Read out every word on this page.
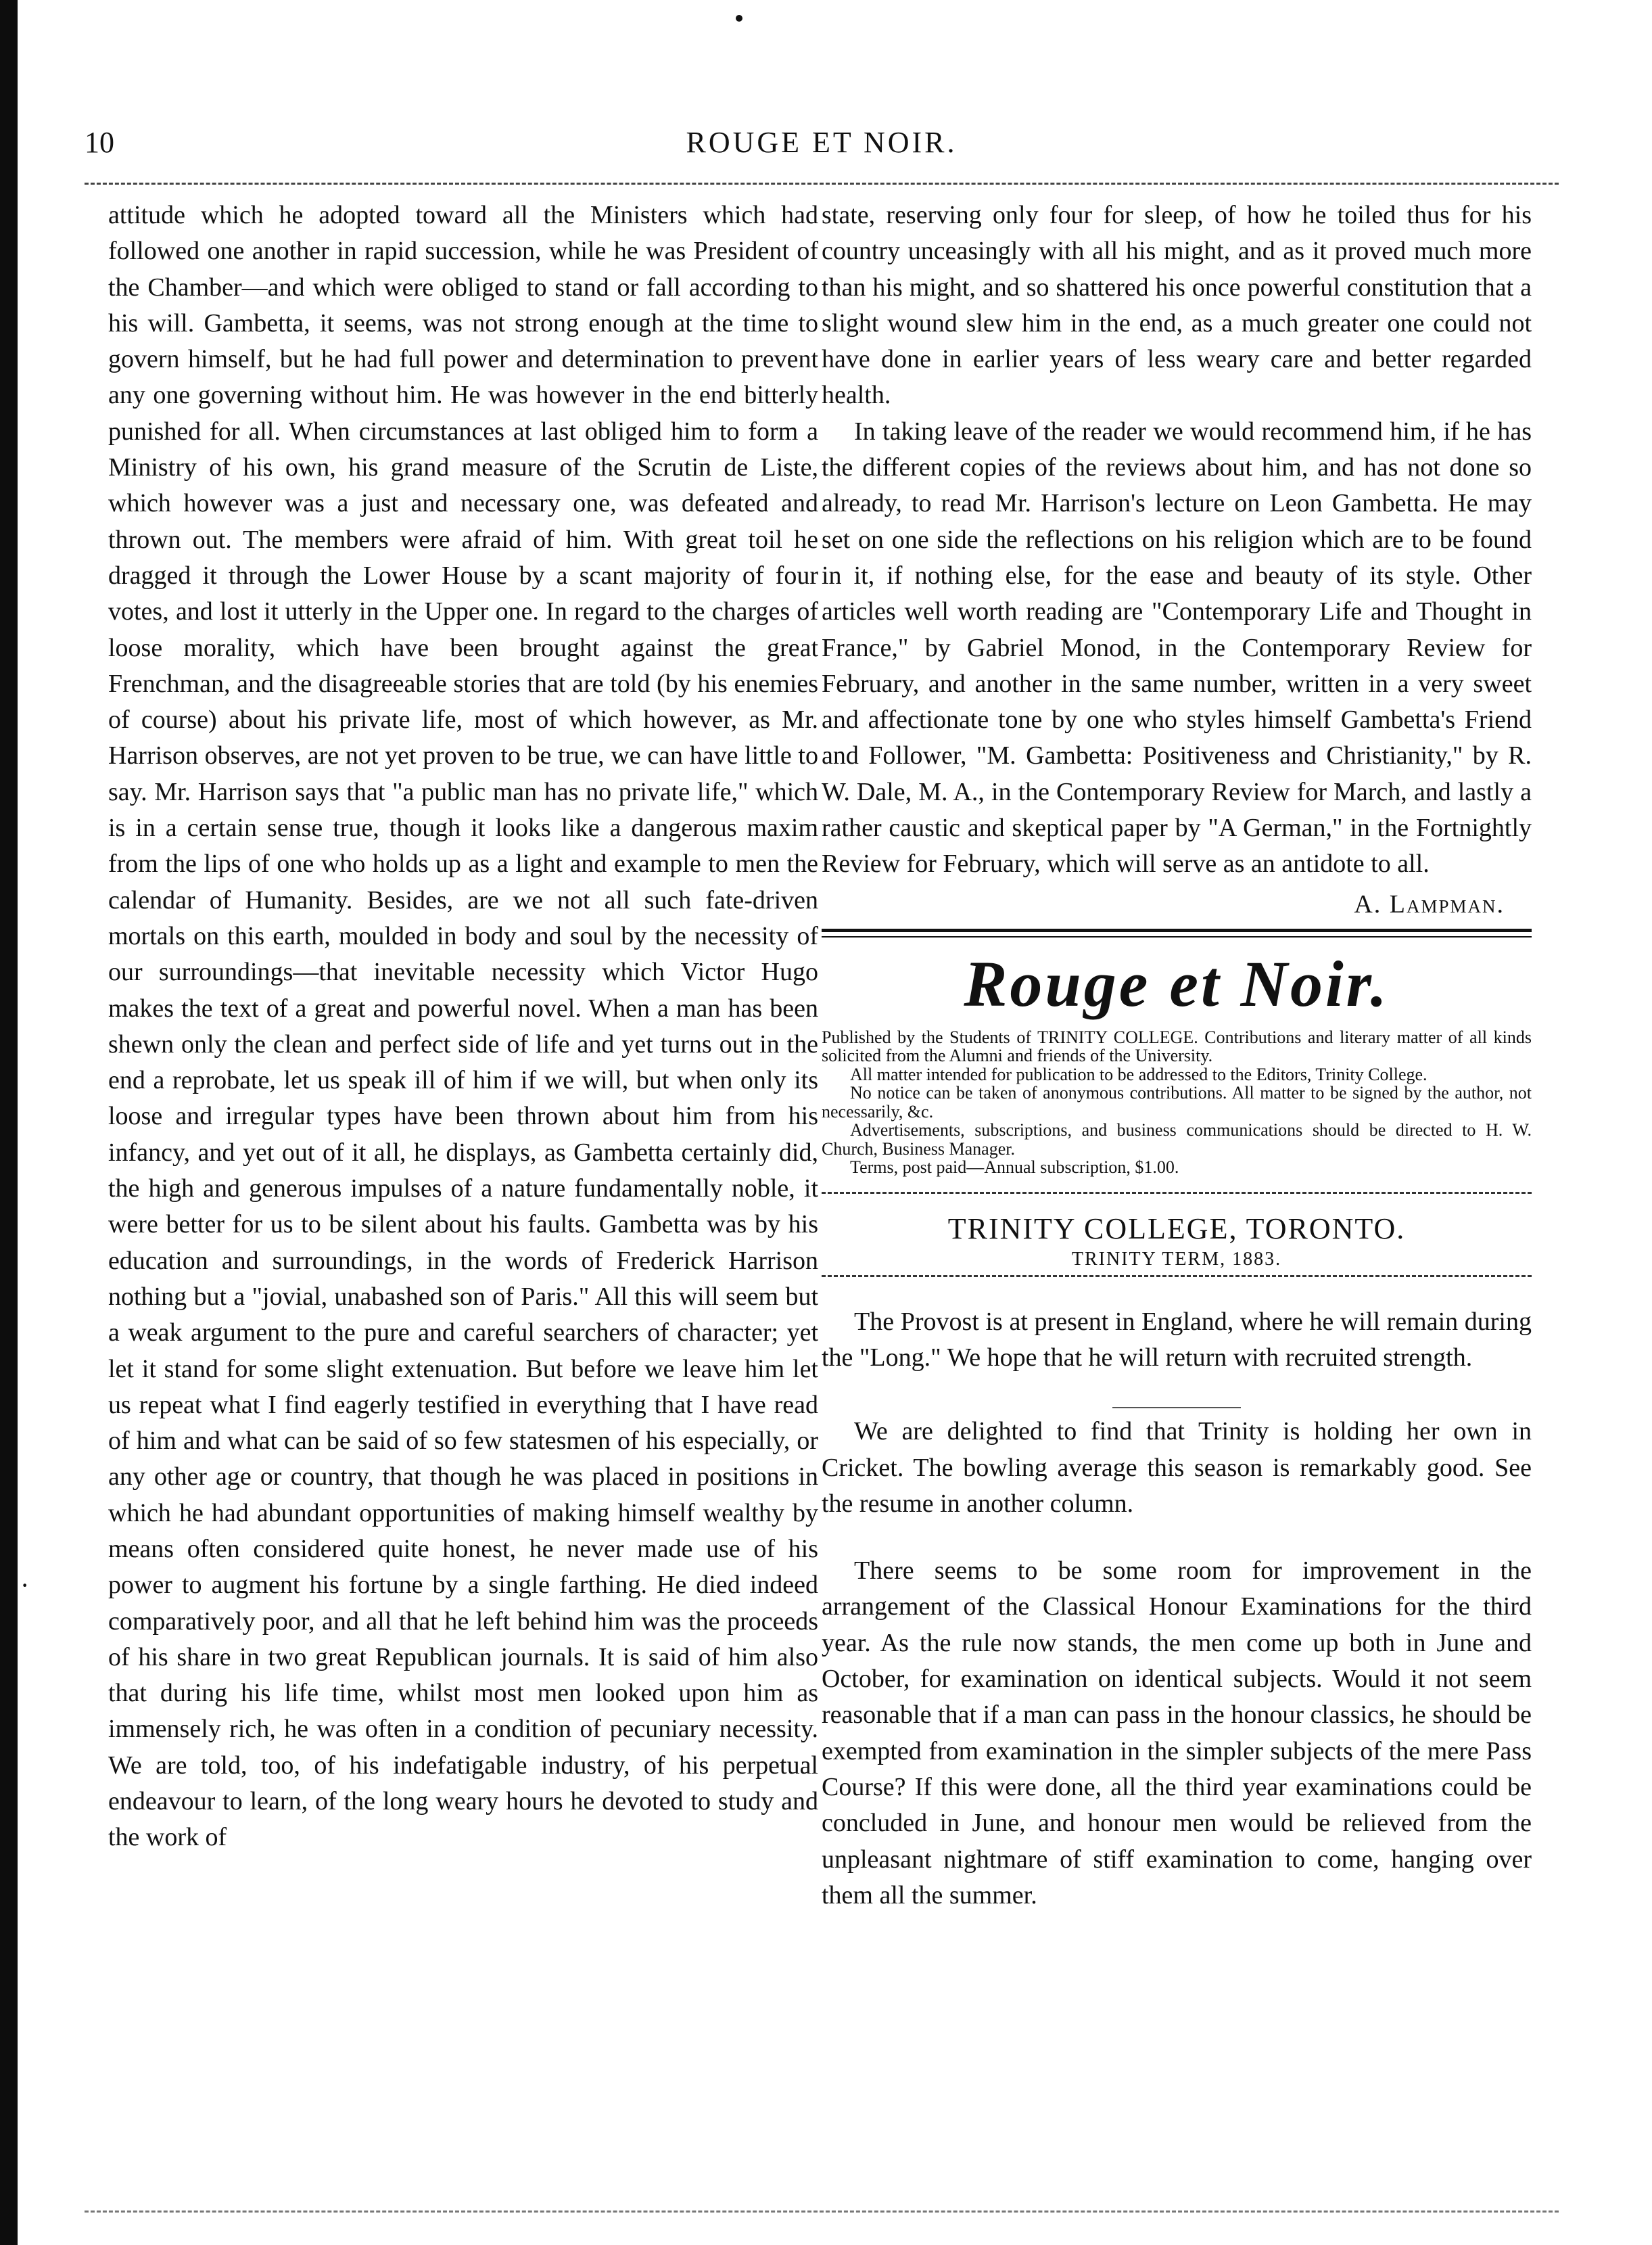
·
10	ROUGE ET NOIR.

attitude which he adopted toward all the Ministers which had followed one another in rapid succession, while he was President of the Chamber—and which were obliged to stand or fall according to his will. Gambetta, it seems, was not strong enough at the time to govern himself, but he had full power and determination to prevent any one governing without him. He was however in the end bitterly punished for all. When circumstances at last obliged him to form a Ministry of his own, his grand measure of the Scrutin de Liste, which however was a just and necessary one, was defeated and thrown out. The members were afraid of him. With great toil he dragged it through the Lower House by a scant majority of four votes, and lost it utterly in the Upper one. In regard to the charges of loose morality, which have been brought against the great Frenchman, and the disagreeable stories that are told (by his enemies of course) about his private life, most of which however, as Mr. Harrison observes, are not yet proven to be true, we can have little to say. Mr. Harrison says that "a public man has no private life," which is in a certain sense true, though it looks like a dangerous maxim from the lips of one who holds up as a light and example to men the calendar of Humanity. Besides, are we not all such fate-driven mortals on this earth, moulded in body and soul by the necessity of our surroundings—that inevitable necessity which Victor Hugo makes the text of a great and powerful novel. When a man has been shewn only the clean and perfect side of life and yet turns out in the end a reprobate, let us speak ill of him if we will, but when only its loose and irregular types have been thrown about him from his infancy, and yet out of it all, he displays, as Gambetta certainly did, the high and generous impulses of a nature fundamentally noble, it were better for us to be silent about his faults. Gambetta was by his education and surroundings, in the words of Frederick Harrison nothing but a "jovial, unabashed son of Paris." All this will seem but a weak argument to the pure and careful searchers of character; yet let it stand for some slight extenuation. But before we leave him let us repeat what I find eagerly testified in everything that I have read of him and what can be said of so few statesmen of his especially, or any other age or country, that though he was placed in positions in which he had abundant opportunities of making himself wealthy by means often considered quite honest, he never made use of his power to augment his fortune by a single farthing. He died indeed comparatively poor, and all that he left behind him was the proceeds of his share in two great Republican journals. It is said of him also that during his life time, whilst most men looked upon him as immensely rich, he was often in a condition of pecuniary necessity. We are told, too, of his indefatigable industry, of his perpetual endeavour to learn, of the long weary hours he devoted to study and the work of

state, reserving only four for sleep, of how he toiled thus for his country unceasingly with all his might, and as it proved much more than his might, and so shattered his once powerful constitution that a slight wound slew him in the end, as a much greater one could not have done in earlier years of less weary care and better regarded health.

In taking leave of the reader we would recommend him, if he has the different copies of the reviews about him, and has not done so already, to read Mr. Harrison's lecture on Leon Gambetta. He may set on one side the reflections on his religion which are to be found in it, if nothing else, for the ease and beauty of its style. Other articles well worth reading are "Contemporary Life and Thought in France," by Gabriel Monod, in the Contemporary Review for February, and another in the same number, written in a very sweet and affectionate tone by one who styles himself Gambetta's Friend and Follower, "M. Gambetta: Positiveness and Christianity," by R. W. Dale, M. A., in the Contemporary Review for March, and lastly a rather caustic and skeptical paper by "A German," in the Fortnightly Review for February, which will serve as an antidote to all.

A. Lampman.

Rouge et Noir.

Published by the Students of TRINITY COLLEGE. Contributions and literary matter of all kinds solicited from the Alumni and friends of the University.

All matter intended for publication to be addressed to the Editors, Trinity College.

No notice can be taken of anonymous contributions. All matter to be signed by the author, not necessarily, &c.

Advertisements, subscriptions, and business communications should be directed to H. W. Church, Business Manager.

Terms, post paid—Annual subscription, $1.00.

TRINITY COLLEGE, TORONTO.
TRINITY TERM, 1883.

The Provost is at present in England, where he will remain during the "Long." We hope that he will return with recruited strength.

We are delighted to find that Trinity is holding her own in Cricket. The bowling average this season is remarkably good. See the resume in another column.

There seems to be some room for improvement in the arrangement of the Classical Honour Examinations for the third year. As the rule now stands, the men come up both in June and October, for examination on identical subjects. Would it not seem reasonable that if a man can pass in the honour classics, he should be exempted from examination in the simpler subjects of the mere Pass Course? If this were done, all the third year examinations could be concluded in June, and honour men would be relieved from the unpleasant nightmare of stiff examination to come, hanging over them all the summer.
